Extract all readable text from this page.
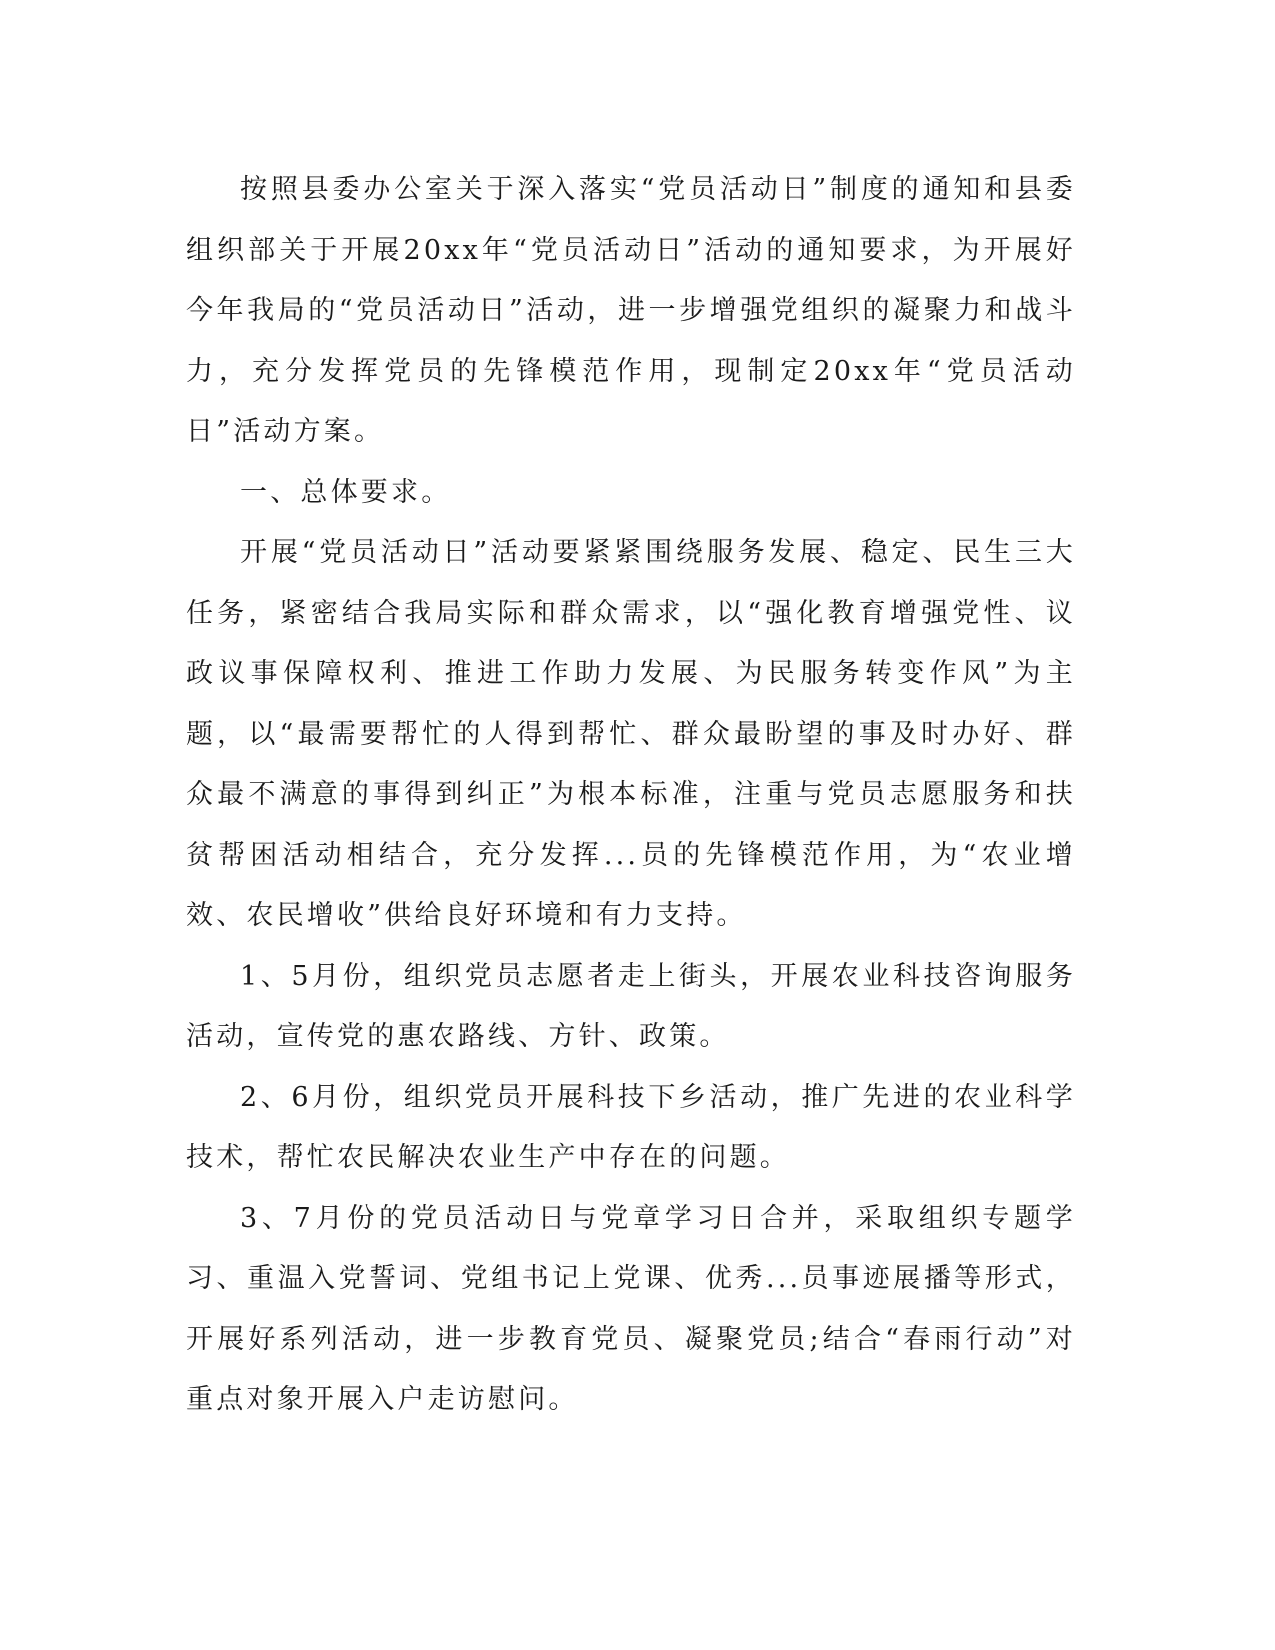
按照县委办公室关于深入落实“党员活动日”制度的通知和县委组织部关于开展20xx年“党员活动日”活动的通知要求，为开展好今年我局的“党员活动日”活动，进一步增强党组织的凝聚力和战斗力，充分发挥党员的先锋模范作用，现制定20xx年“党员活动日”活动方案。

一、总体要求。

开展“党员活动日”活动要紧紧围绕服务发展、稳定、民生三大任务，紧密结合我局实际和群众需求，以“强化教育增强党性、议政议事保障权利、推进工作助力发展、为民服务转变作风”为主题，以“最需要帮忙的人得到帮忙、群众最盼望的事及时办好、群众最不满意的事得到纠正”为根本标准，注重与党员志愿服务和扶贫帮困活动相结合，充分发挥...员的先锋模范作用，为“农业增效、农民增收”供给良好环境和有力支持。

1、5月份，组织党员志愿者走上街头，开展农业科技咨询服务活动，宣传党的惠农路线、方针、政策。

2、6月份，组织党员开展科技下乡活动，推广先进的农业科学技术，帮忙农民解决农业生产中存在的问题。

3、7月份的党员活动日与党章学习日合并，采取组织专题学习、重温入党誓词、党组书记上党课、优秀...员事迹展播等形式，开展好系列活动，进一步教育党员、凝聚党员;结合“春雨行动”对重点对象开展入户走访慰问。
